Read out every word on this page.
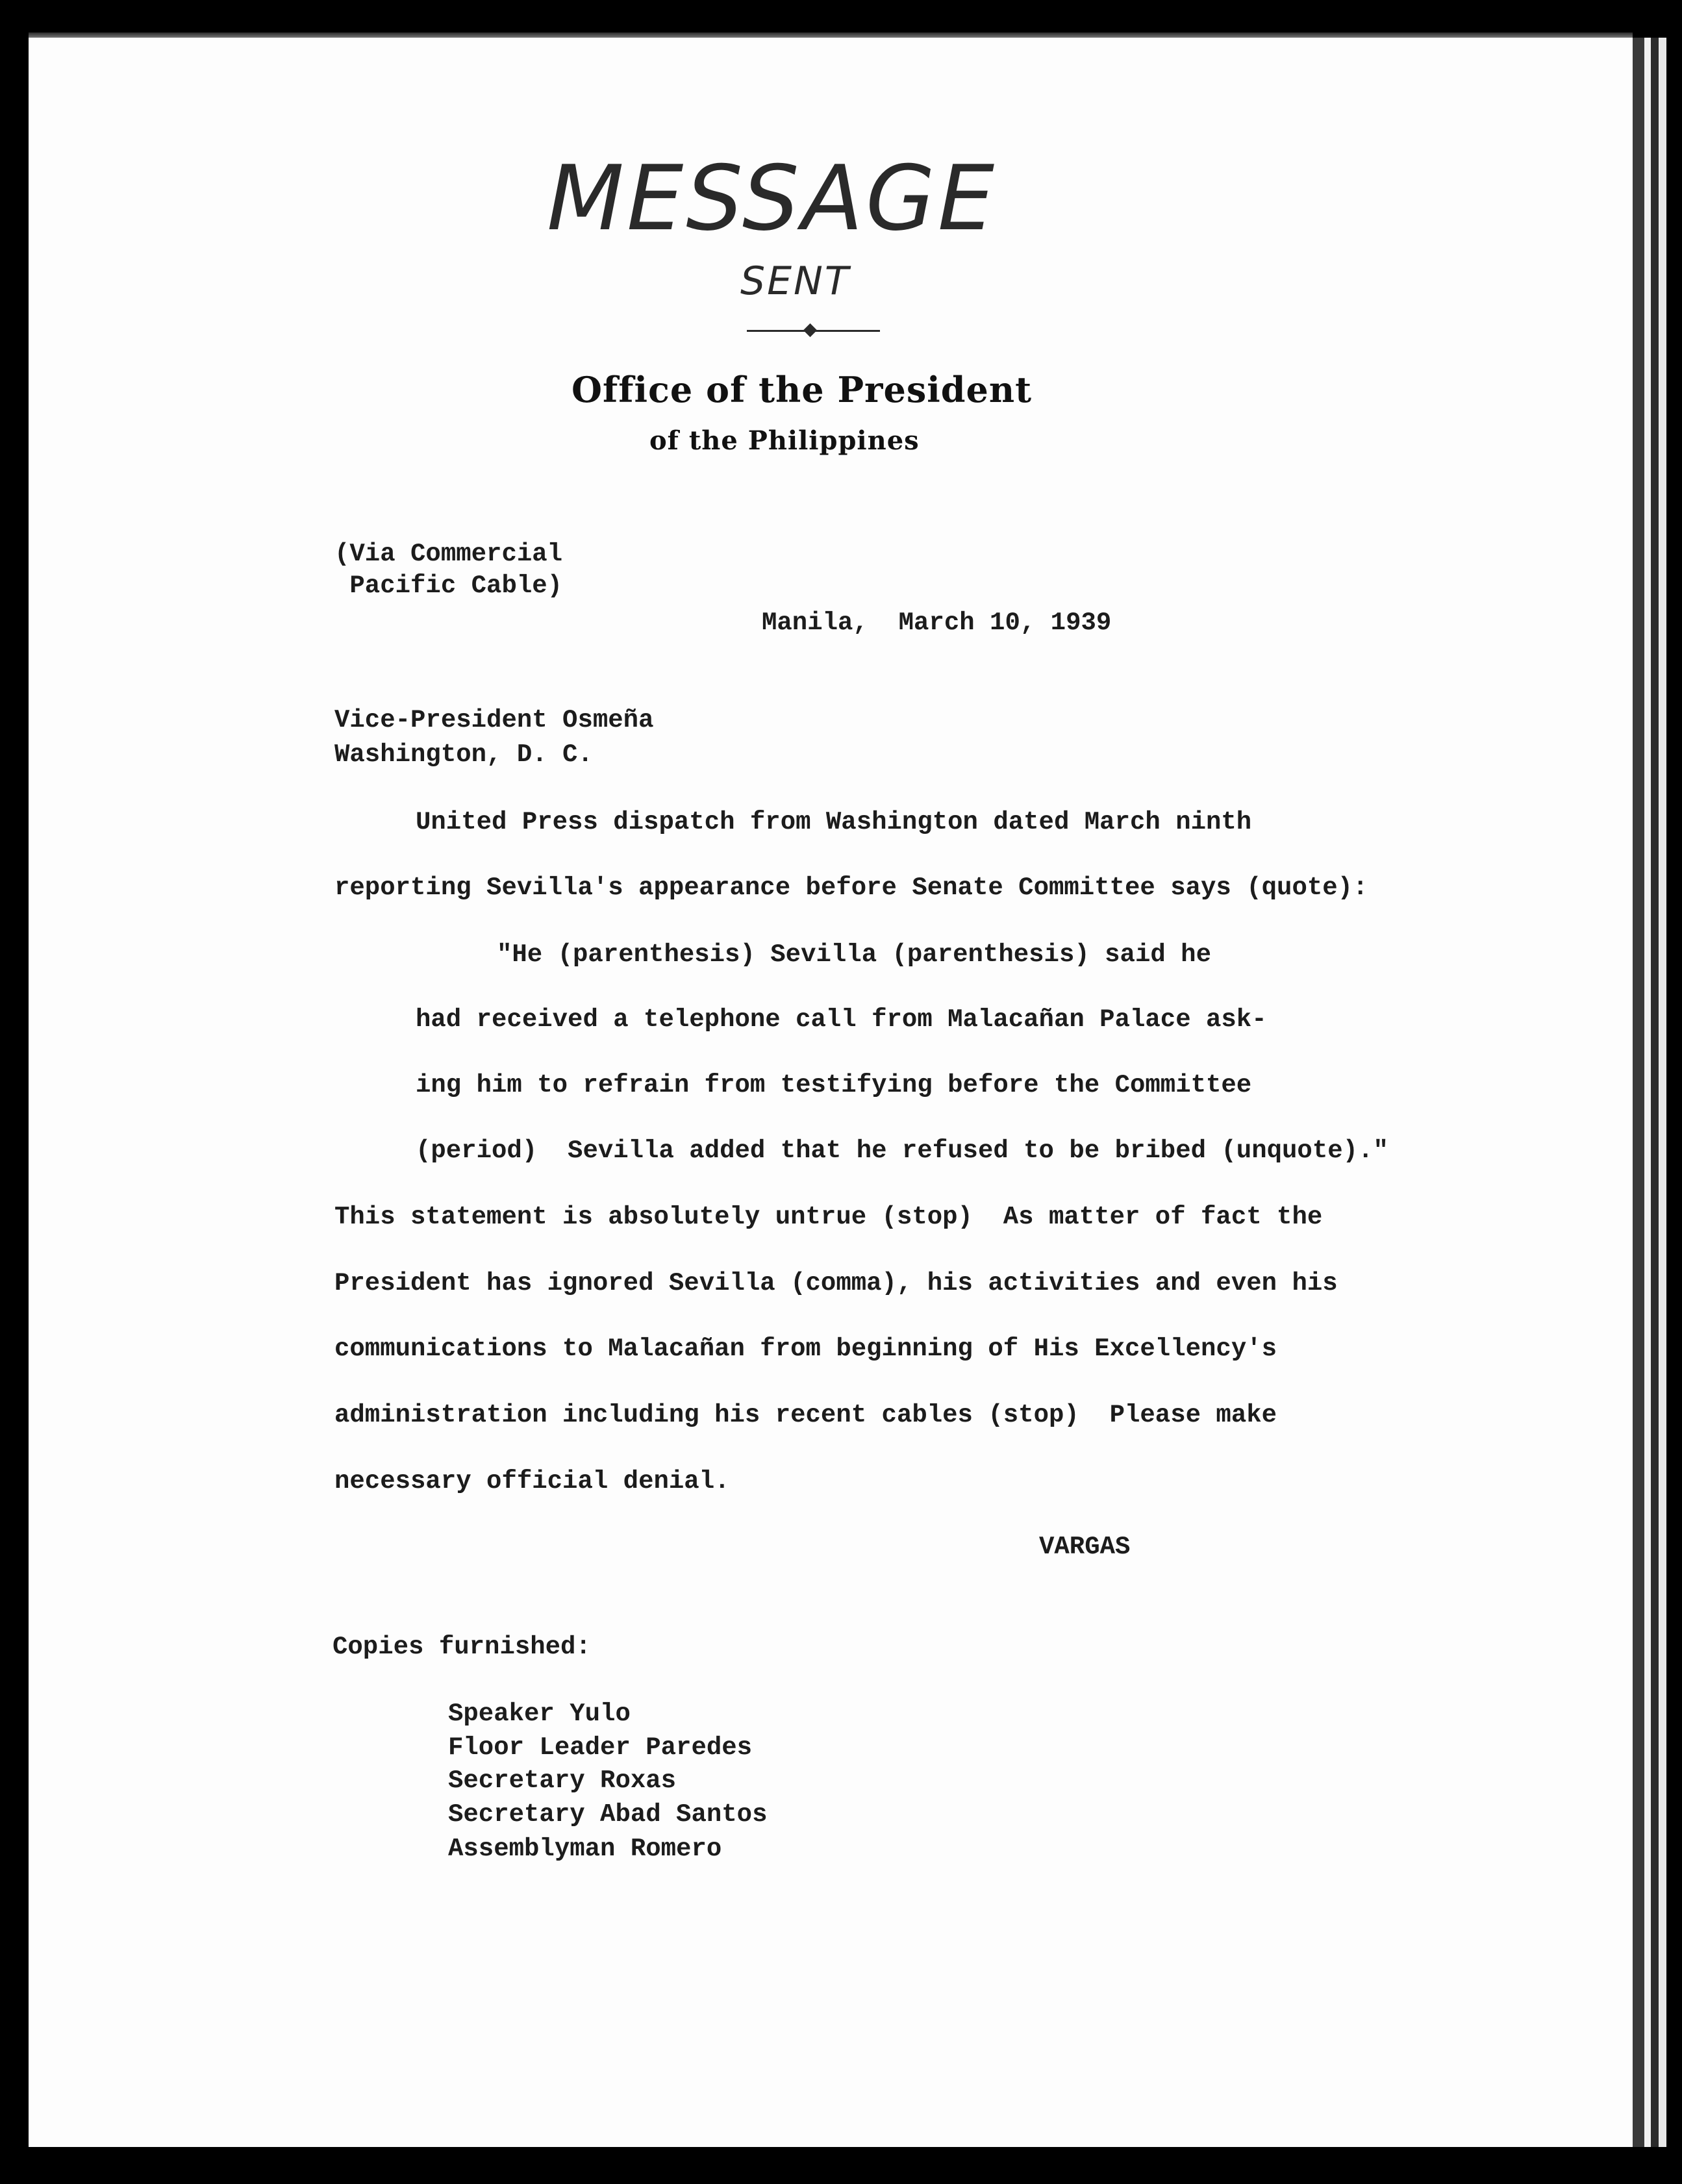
MESSAGE
SENT
Office of the President
of the Philippines
(Via Commercial
Pacific Cable)
Manila,  March 10, 1939
Vice-President Osmeña
Washington, D. C.
United Press dispatch from Washington dated March ninth
reporting Sevilla's appearance before Senate Committee says (quote):
"He (parenthesis) Sevilla (parenthesis) said he
had received a telephone call from Malacañan Palace ask-
ing him to refrain from testifying before the Committee
(period)  Sevilla added that he refused to be bribed (unquote)."
This statement is absolutely untrue (stop)  As matter of fact the
President has ignored Sevilla (comma), his activities and even his
communications to Malacañan from beginning of His Excellency's
administration including his recent cables (stop)  Please make
necessary official denial.
VARGAS
Copies furnished:
Speaker Yulo
Floor Leader Paredes
Secretary Roxas
Secretary Abad Santos
Assemblyman Romero
